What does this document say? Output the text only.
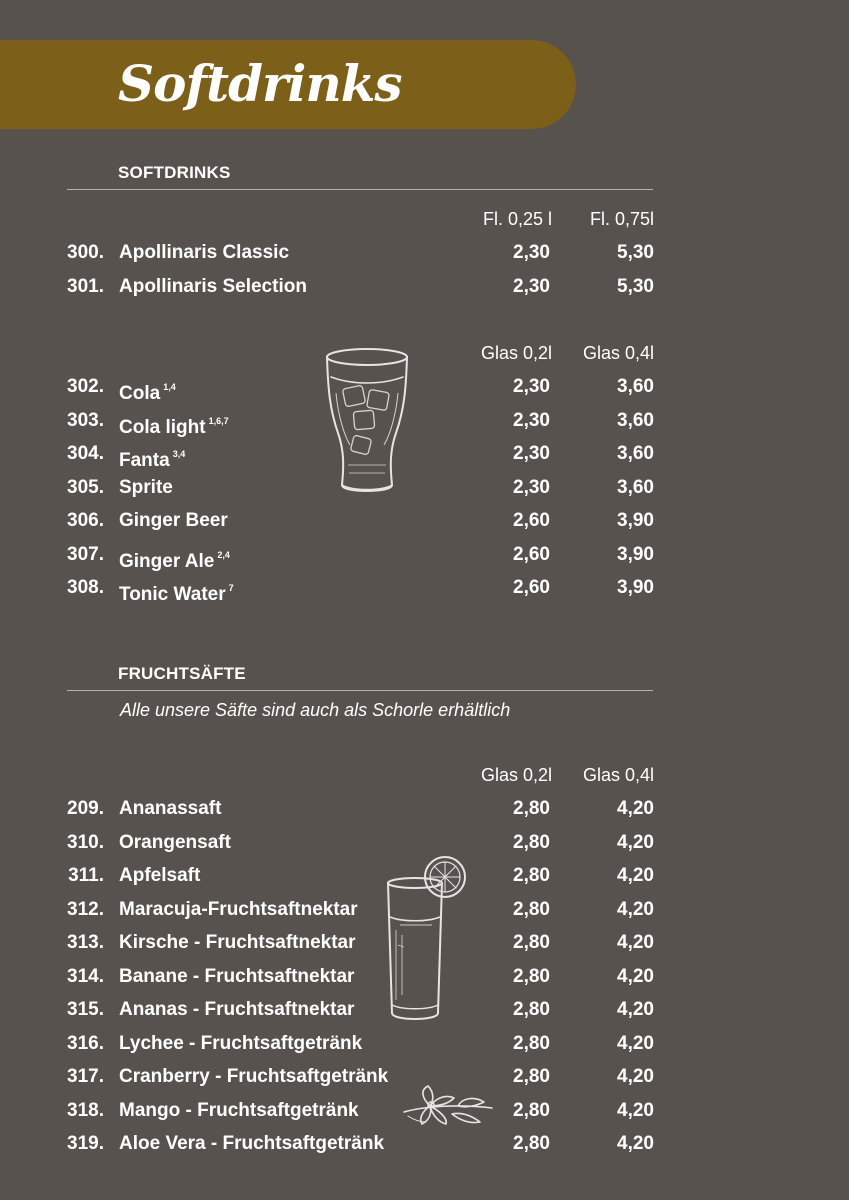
Softdrinks
SOFTDRINKS
Fl. 0,25 l Fl. 0,75l
300. Apollinaris Classic	2,30	5,30
301. Apollinaris Selection	2,30	5,30
Glas 0,2l Glas 0,4l
302. Cola $^{1,4}$	2,30	3,60
303. Cola light $^{1,6,7}$	2,30	3,60
304. Fanta $^{3,4}$	2,30	3,60
305. Sprite	2,30	3,60
306. Ginger Beer	2,60	3,90
307. Ginger Ale $^{2,4}$	2,60	3,90
308. Tonic Water $^7$	2,60	3,90
FRUCHTSÄFTE
Alle unsere Säfte sind auch als Schorle erhältlich
Glas 0,2l Glas 0,4l
209. Ananassaft	2,80	4,20
310. Orangensaft	2,80	4,20
311. Apfelsaft	2,80	4,20
312. Maracuja-Fruchtsaftnektar	2,80	4,20
313. Kirsche - Fruchtsaftnektar	2,80	4,20
314. Banane - Fruchtsaftnektar	2,80	4,20
315. Ananas - Fruchtsaftnektar	2,80	4,20
316. Lychee - Fruchtsaftgetränk	2,80	4,20
317. Cranberry - Fruchtsaftgetränk	2,80	4,20
318. Mango - Fruchtsaftgetränk	2,80	4,20
319. Aloe Vera - Fruchtsaftgetränk	2,80	4,20
